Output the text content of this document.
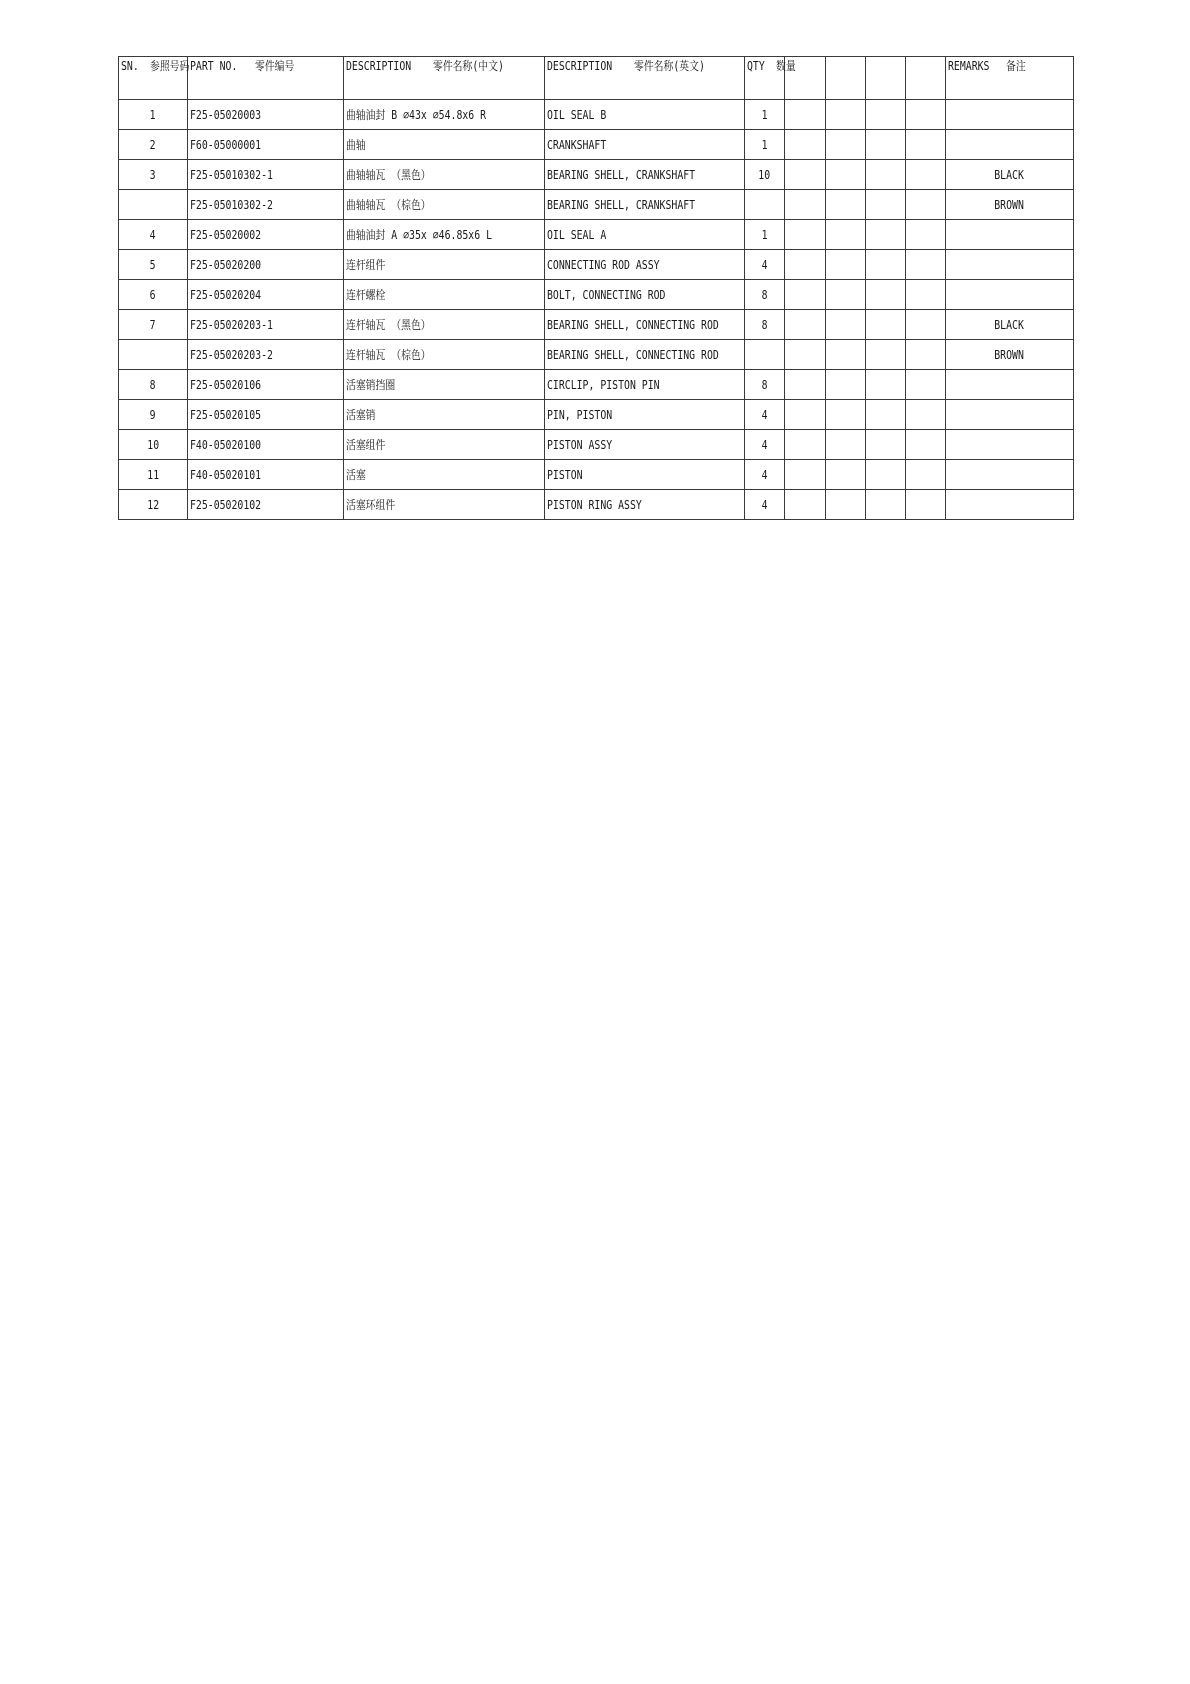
SN. 参照号码	PART NO. 零件编号	DESCRIPTION 零件名称(中文)	DESCRIPTION 零件名称(英文)	QTY 数量					REMARKS 备注
1	F25-05020003	曲轴油封 B ∅43x ∅54.8x6 R	OIL SEAL B	1					
2	F60-05000001	曲轴	CRANKSHAFT	1					
3	F25-05010302-1	曲轴轴瓦 （黑色）	BEARING SHELL, CRANKSHAFT	10					BLACK
	F25-05010302-2	曲轴轴瓦 （棕色）	BEARING SHELL, CRANKSHAFT						BROWN
4	F25-05020002	曲轴油封 A ∅35x ∅46.85x6 L	OIL SEAL A	1					
5	F25-05020200	连杆组件	CONNECTING ROD ASSY	4					
6	F25-05020204	连杆螺栓	BOLT, CONNECTING ROD	8					
7	F25-05020203-1	连杆轴瓦 （黑色）	BEARING SHELL, CONNECTING ROD	8					BLACK
	F25-05020203-2	连杆轴瓦 （棕色）	BEARING SHELL, CONNECTING ROD						BROWN
8	F25-05020106	活塞销挡圈	CIRCLIP, PISTON PIN	8					
9	F25-05020105	活塞销	PIN, PISTON	4					
10	F40-05020100	活塞组件	PISTON ASSY	4					
11	F40-05020101	活塞	PISTON	4					
12	F25-05020102	活塞环组件	PISTON RING ASSY	4					
